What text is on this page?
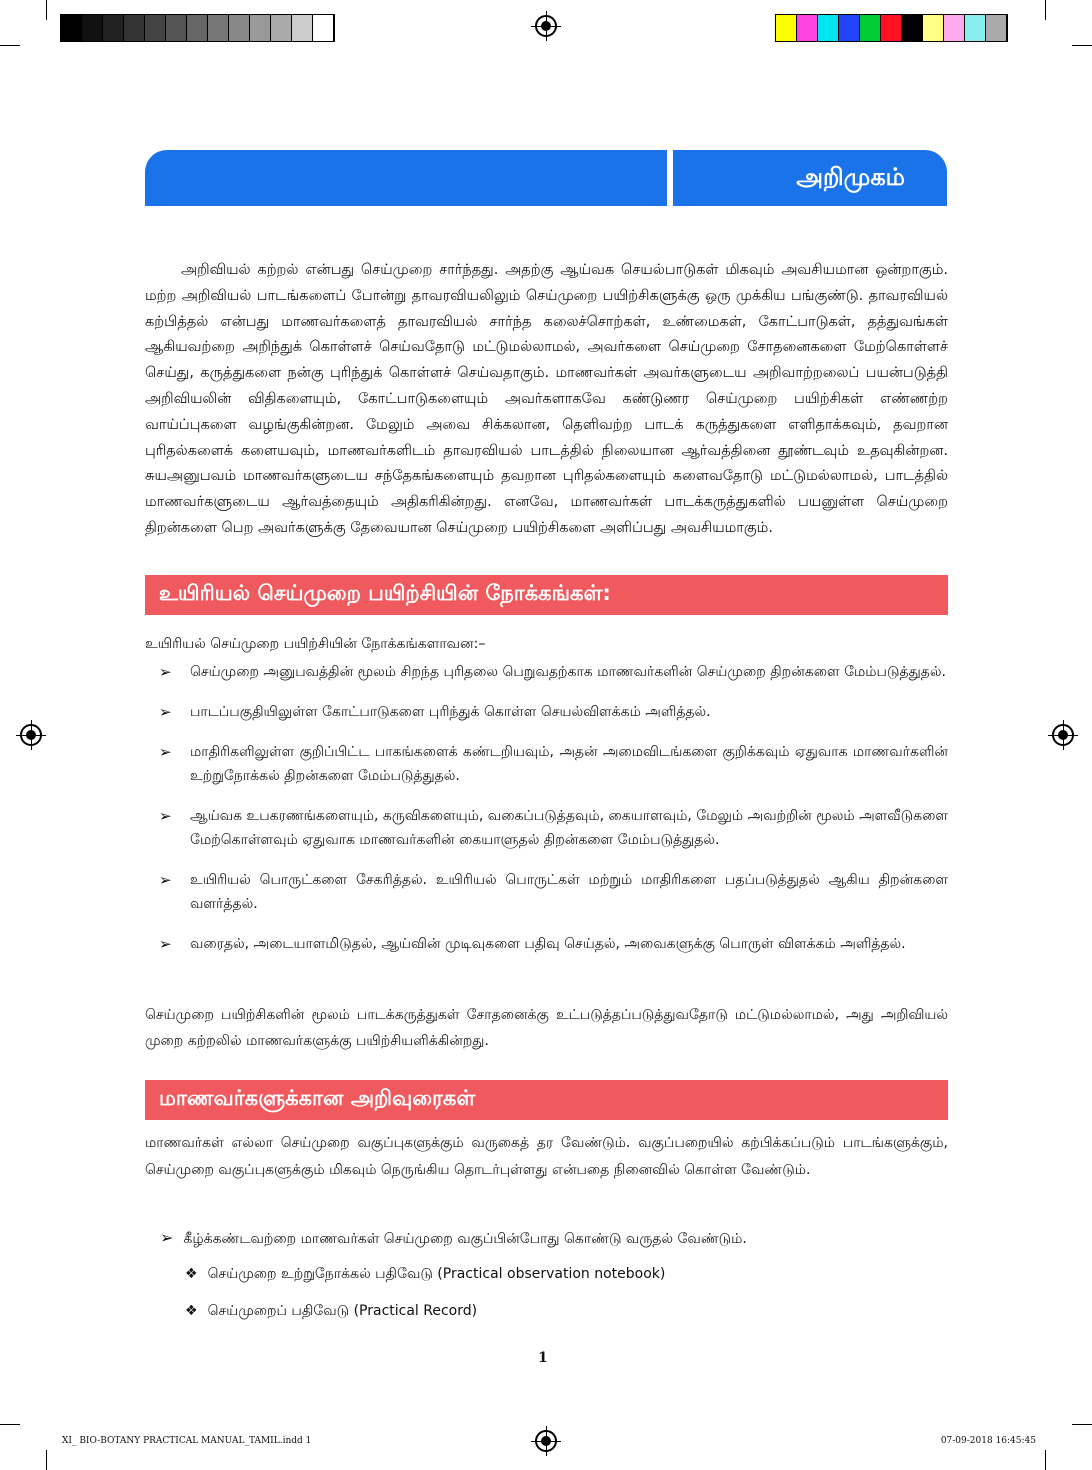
அறிமுகம்

அறிவியல் கற்றல் என்பது செய்முறை சார்ந்தது. அதற்கு ஆய்வக செயல்பாடுகள் மிகவும் அவசியமான ஒன்றாகும். மற்ற அறிவியல் பாடங்களைப் போன்று தாவரவியலிலும் செய்முறை பயிற்சிகளுக்கு ஒரு முக்கிய பங்குண்டு. தாவரவியல் கற்பித்தல் என்பது மாணவர்களைத் தாவரவியல் சார்ந்த கலைச்சொற்கள், உண்மைகள், கோட்பாடுகள், தத்துவங்கள் ஆகியவற்றை அறிந்துக் கொள்ளச் செய்வதோடு மட்டுமல்லாமல், அவர்களை செய்முறை சோதனைகளை மேற்கொள்ளச் செய்து, கருத்துகளை நன்கு புரிந்துக் கொள்ளச் செய்வதாகும். மாணவர்கள் அவர்களுடைய அறிவாற்றலைப் பயன்படுத்தி அறிவியலின் விதிகளையும், கோட்பாடுகளையும் அவர்களாகவே கண்டுணர செய்முறை பயிற்சிகள் எண்ணற்ற வாய்ப்புகளை வழங்குகின்றன. மேலும் அவை சிக்கலான, தெளிவற்ற பாடக் கருத்துகளை எளிதாக்கவும், தவறான புரிதல்களைக் களையவும், மாணவர்களிடம் தாவரவியல் பாடத்தில் நிலையான ஆர்வத்தினை தூண்டவும் உதவுகின்றன. சுயஅனுபவம் மாணவர்களுடைய சந்தேகங்களையும் தவறான புரிதல்களையும் களைவதோடு மட்டுமல்லாமல், பாடத்தில் மாணவர்களுடைய ஆர்வத்தையும் அதிகரிகின்றது. எனவே, மாணவர்கள் பாடக்கருத்துகளில் பயனுள்ள செய்முறை திறன்களை பெற அவர்களுக்கு தேவையான செய்முறை பயிற்சிகளை அளிப்பது அவசியமாகும்.

உயிரியல் செய்முறை பயிற்சியின் நோக்கங்கள்:
உயிரியல் செய்முறை பயிற்சியின் நோக்கங்களாவன:–
➢ செய்முறை அனுபவத்தின் மூலம் சிறந்த புரிதலை பெறுவதற்காக மாணவர்களின் செய்முறை திறன்களை மேம்படுத்துதல்.
➢ பாடப்பகுதியிலுள்ள கோட்பாடுகளை புரிந்துக் கொள்ள செயல்விளக்கம் அளித்தல்.
➢ மாதிரிகளிலுள்ள குறிப்பிட்ட பாகங்களைக் கண்டறியவும், அதன் அமைவிடங்களை குறிக்கவும் ஏதுவாக மாணவர்களின் உற்றுநோக்கல் திறன்களை மேம்படுத்துதல்.
➢ ஆய்வக உபகரணங்களையும், கருவிகளையும், வகைப்படுத்தவும், கையாளவும், மேலும் அவற்றின் மூலம் அளவீடுகளை மேற்கொள்ளவும் ஏதுவாக மாணவர்களின் கையாளுதல் திறன்களை மேம்படுத்துதல்.
➢ உயிரியல் பொருட்களை சேகரித்தல். உயிரியல் பொருட்கள் மற்றும் மாதிரிகளை பதப்படுத்துதல் ஆகிய திறன்களை வளர்த்தல்.
➢ வரைதல், அடையாளமிடுதல், ஆய்வின் முடிவுகளை பதிவு செய்தல், அவைகளுக்கு பொருள் விளக்கம் அளித்தல்.

செய்முறை பயிற்சிகளின் மூலம் பாடக்கருத்துகள் சோதனைக்கு உட்படுத்தப்படுத்துவதோடு மட்டுமல்லாமல், அது அறிவியல் முறை கற்றலில் மாணவர்களுக்கு பயிற்சியளிக்கின்றது.

மாணவர்களுக்கான அறிவுரைகள்

மாணவர்கள் எல்லா செய்முறை வகுப்புகளுக்கும் வருகைத் தர வேண்டும். வகுப்பறையில் கற்பிக்கப்படும் பாடங்களுக்கும், செய்முறை வகுப்புகளுக்கும் மிகவும் நெருங்கிய தொடர்புள்ளது என்பதை நினைவில் கொள்ள வேண்டும்.

➢ கீழ்க்கண்டவற்றை மாணவர்கள் செய்முறை வகுப்பின்போது கொண்டு வருதல் வேண்டும்.
❖ செய்முறை உற்றுநோக்கல் பதிவேடு (Practical observation notebook)
❖ செய்முறைப் பதிவேடு (Practical Record)
1
XI_ BIO-BOTANY PRACTICAL MANUAL_TAMIL.indd 1	07-09-2018 16:45:45
